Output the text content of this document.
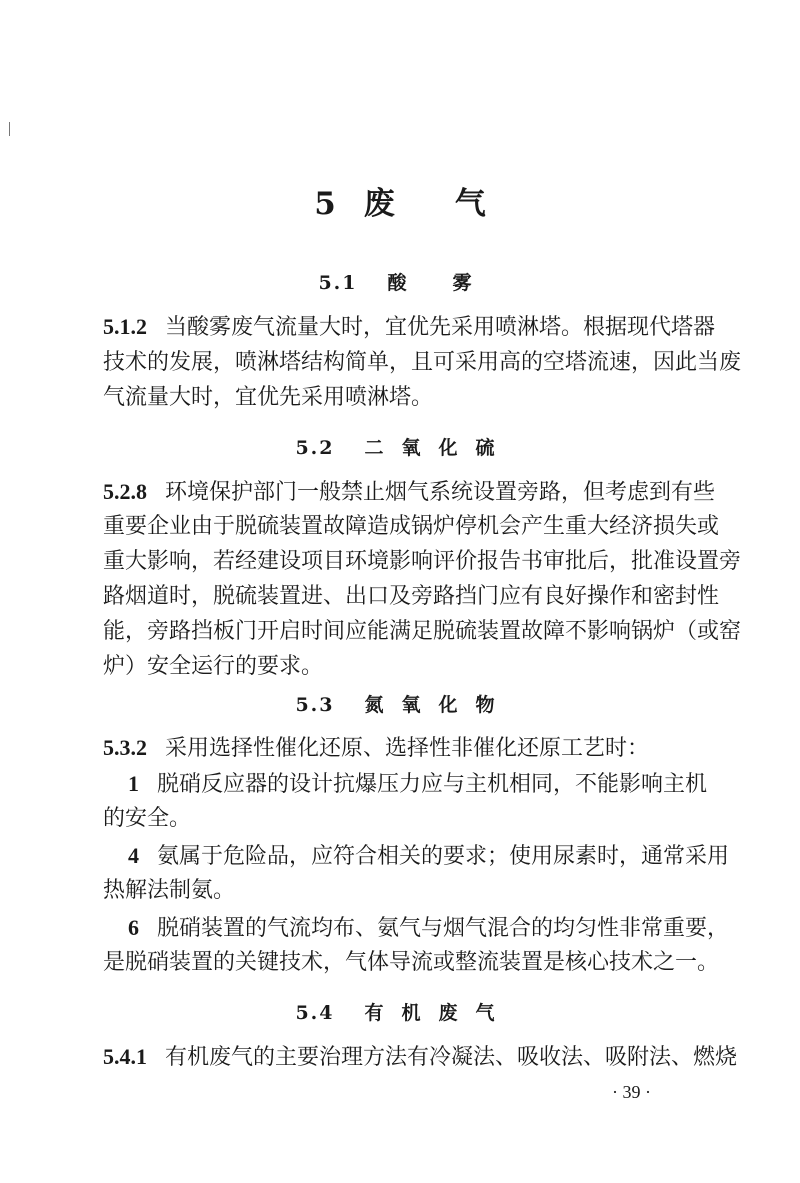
5 废 气
5.1 酸 雾
5.1.2 当酸雾废气流量大时，宜优先采用喷淋塔。根据现代塔器
技术的发展，喷淋塔结构简单，且可采用高的空塔流速，因此当废
气流量大时，宜优先采用喷淋塔。
5.2 二 氧 化 硫
5.2.8 环境保护部门一般禁止烟气系统设置旁路，但考虑到有些
重要企业由于脱硫装置故障造成锅炉停机会产生重大经济损失或
重大影响，若经建设项目环境影响评价报告书审批后，批准设置旁
路烟道时，脱硫装置进、出口及旁路挡门应有良好操作和密封性
能，旁路挡板门开启时间应能满足脱硫装置故障不影响锅炉（或窑
炉）安全运行的要求。
5.3 氮 氧 化 物
5.3.2 采用选择性催化还原、选择性非催化还原工艺时：
1 脱硝反应器的设计抗爆压力应与主机相同，不能影响主机
的安全。
4 氨属于危险品，应符合相关的要求；使用尿素时，通常采用
热解法制氨。
6 脱硝装置的气流均布、氨气与烟气混合的均匀性非常重要，
是脱硝装置的关键技术，气体导流或整流装置是核心技术之一。
5.4 有 机 废 气
5.4.1 有机废气的主要治理方法有冷凝法、吸收法、吸附法、燃烧
· 39 ·
